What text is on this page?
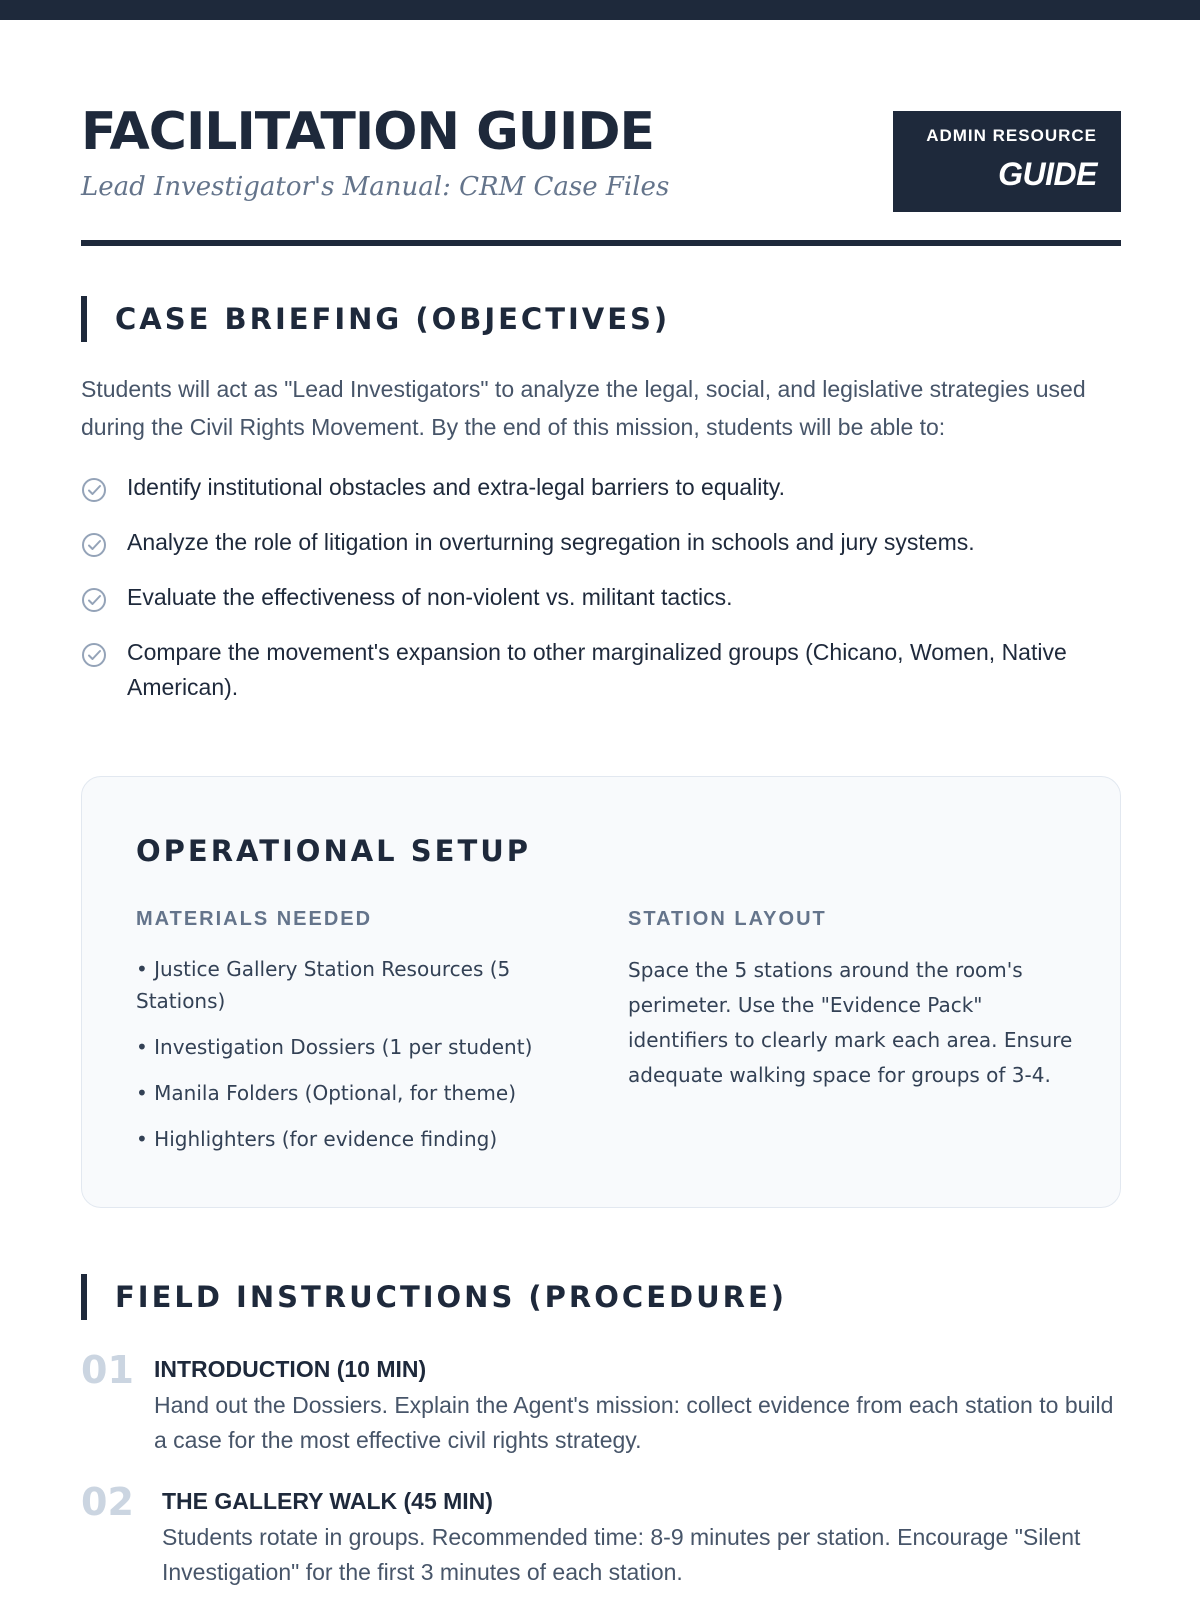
FACILITATION GUIDE
Lead Investigator's Manual: CRM Case Files
ADMIN RESOURCE
GUIDE
CASE BRIEFING (OBJECTIVES)

Students will act as "Lead Investigators" to analyze the legal, social, and legislative strategies used during the Civil Rights Movement. By the end of this mission, students will be able to:

Identify institutional obstacles and extra-legal barriers to equality.
Analyze the role of litigation in overturning segregation in schools and jury systems.
Evaluate the effectiveness of non-violent vs. militant tactics.
Compare the movement's expansion to other marginalized groups (Chicano, Women, Native American).
OPERATIONAL SETUP
MATERIALS NEEDED
• Justice Gallery Station Resources (5 Stations)
• Investigation Dossiers (1 per student)
• Manila Folders (Optional, for theme)
• Highlighters (for evidence finding)
STATION LAYOUT

Space the 5 stations around the room's perimeter. Use the "Evidence Pack" identifiers to clearly mark each area. Ensure adequate walking space for groups of 3-4.

FIELD INSTRUCTIONS (PROCEDURE)
01 INTRODUCTION (10 MIN)
Hand out the Dossiers. Explain the Agent's mission: collect evidence from each station to build a case for the most effective civil rights strategy.
02 THE GALLERY WALK (45 MIN)
Students rotate in groups. Recommended time: 8-9 minutes per station. Encourage "Silent Investigation" for the first 3 minutes of each station.
